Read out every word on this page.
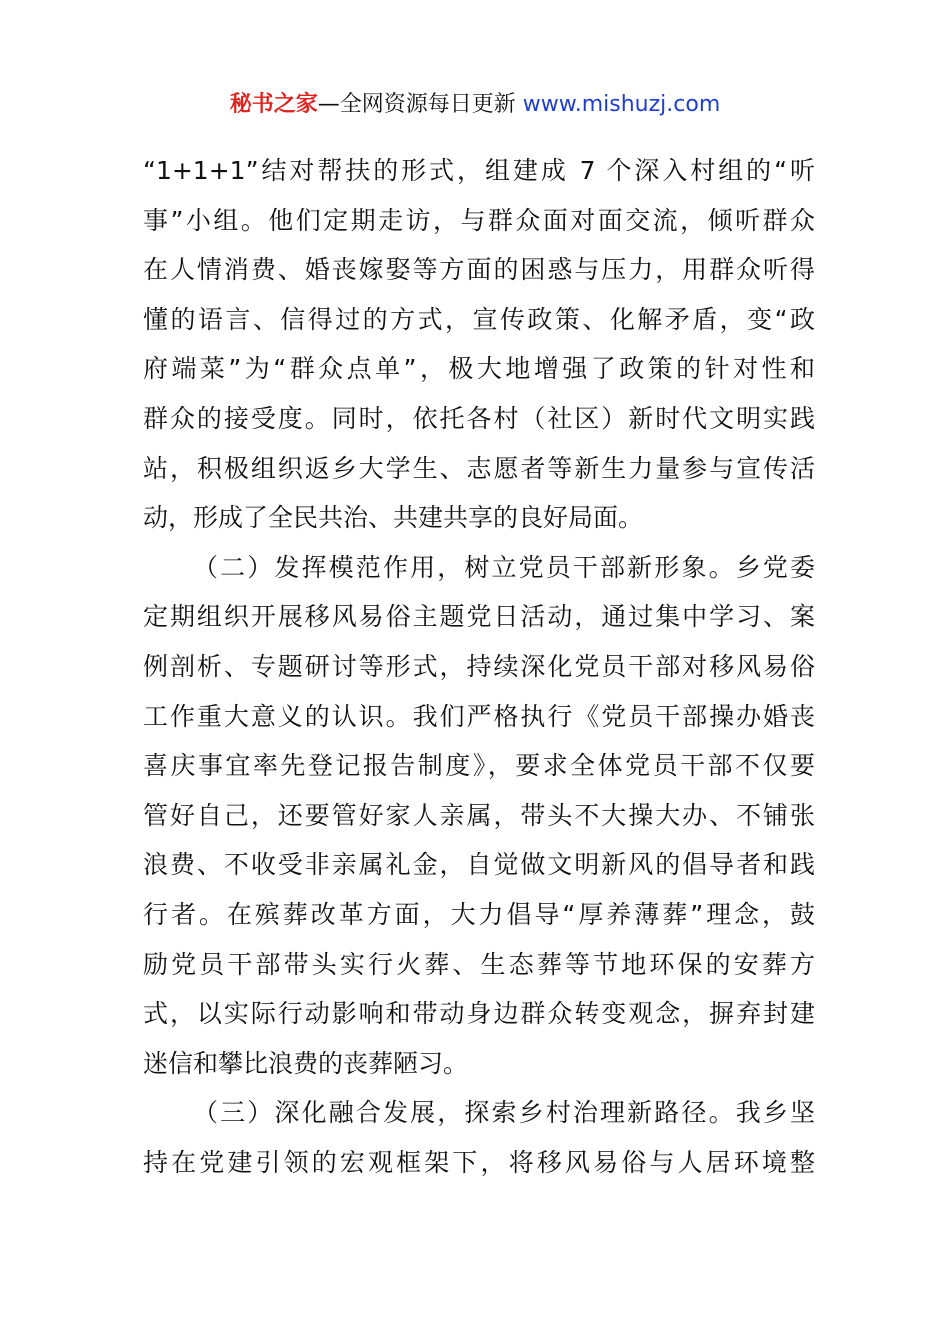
秘书之家—全网资源每日更新 www.mishuzj.com
“1+1+1”结对帮扶的形式，组建成 7 个深入村组的“听
事”小组。他们定期走访，与群众面对面交流，倾听群众
在人情消费、婚丧嫁娶等方面的困惑与压力，用群众听得
懂的语言、信得过的方式，宣传政策、化解矛盾，变“政
府端菜”为“群众点单”，极大地增强了政策的针对性和
群众的接受度。同时，依托各村（社区）新时代文明实践
站，积极组织返乡大学生、志愿者等新生力量参与宣传活
动，形成了全民共治、共建共享的良好局面。
（二）发挥模范作用，树立党员干部新形象。乡党委
定期组织开展移风易俗主题党日活动，通过集中学习、案
例剖析、专题研讨等形式，持续深化党员干部对移风易俗
工作重大意义的认识。我们严格执行《党员干部操办婚丧
喜庆事宜率先登记报告制度》，要求全体党员干部不仅要
管好自己，还要管好家人亲属，带头不大操大办、不铺张
浪费、不收受非亲属礼金，自觉做文明新风的倡导者和践
行者。在殡葬改革方面，大力倡导“厚养薄葬”理念，鼓
励党员干部带头实行火葬、生态葬等节地环保的安葬方
式，以实际行动影响和带动身边群众转变观念，摒弃封建
迷信和攀比浪费的丧葬陋习。
（三）深化融合发展，探索乡村治理新路径。我乡坚
持在党建引领的宏观框架下，将移风易俗与人居环境整
